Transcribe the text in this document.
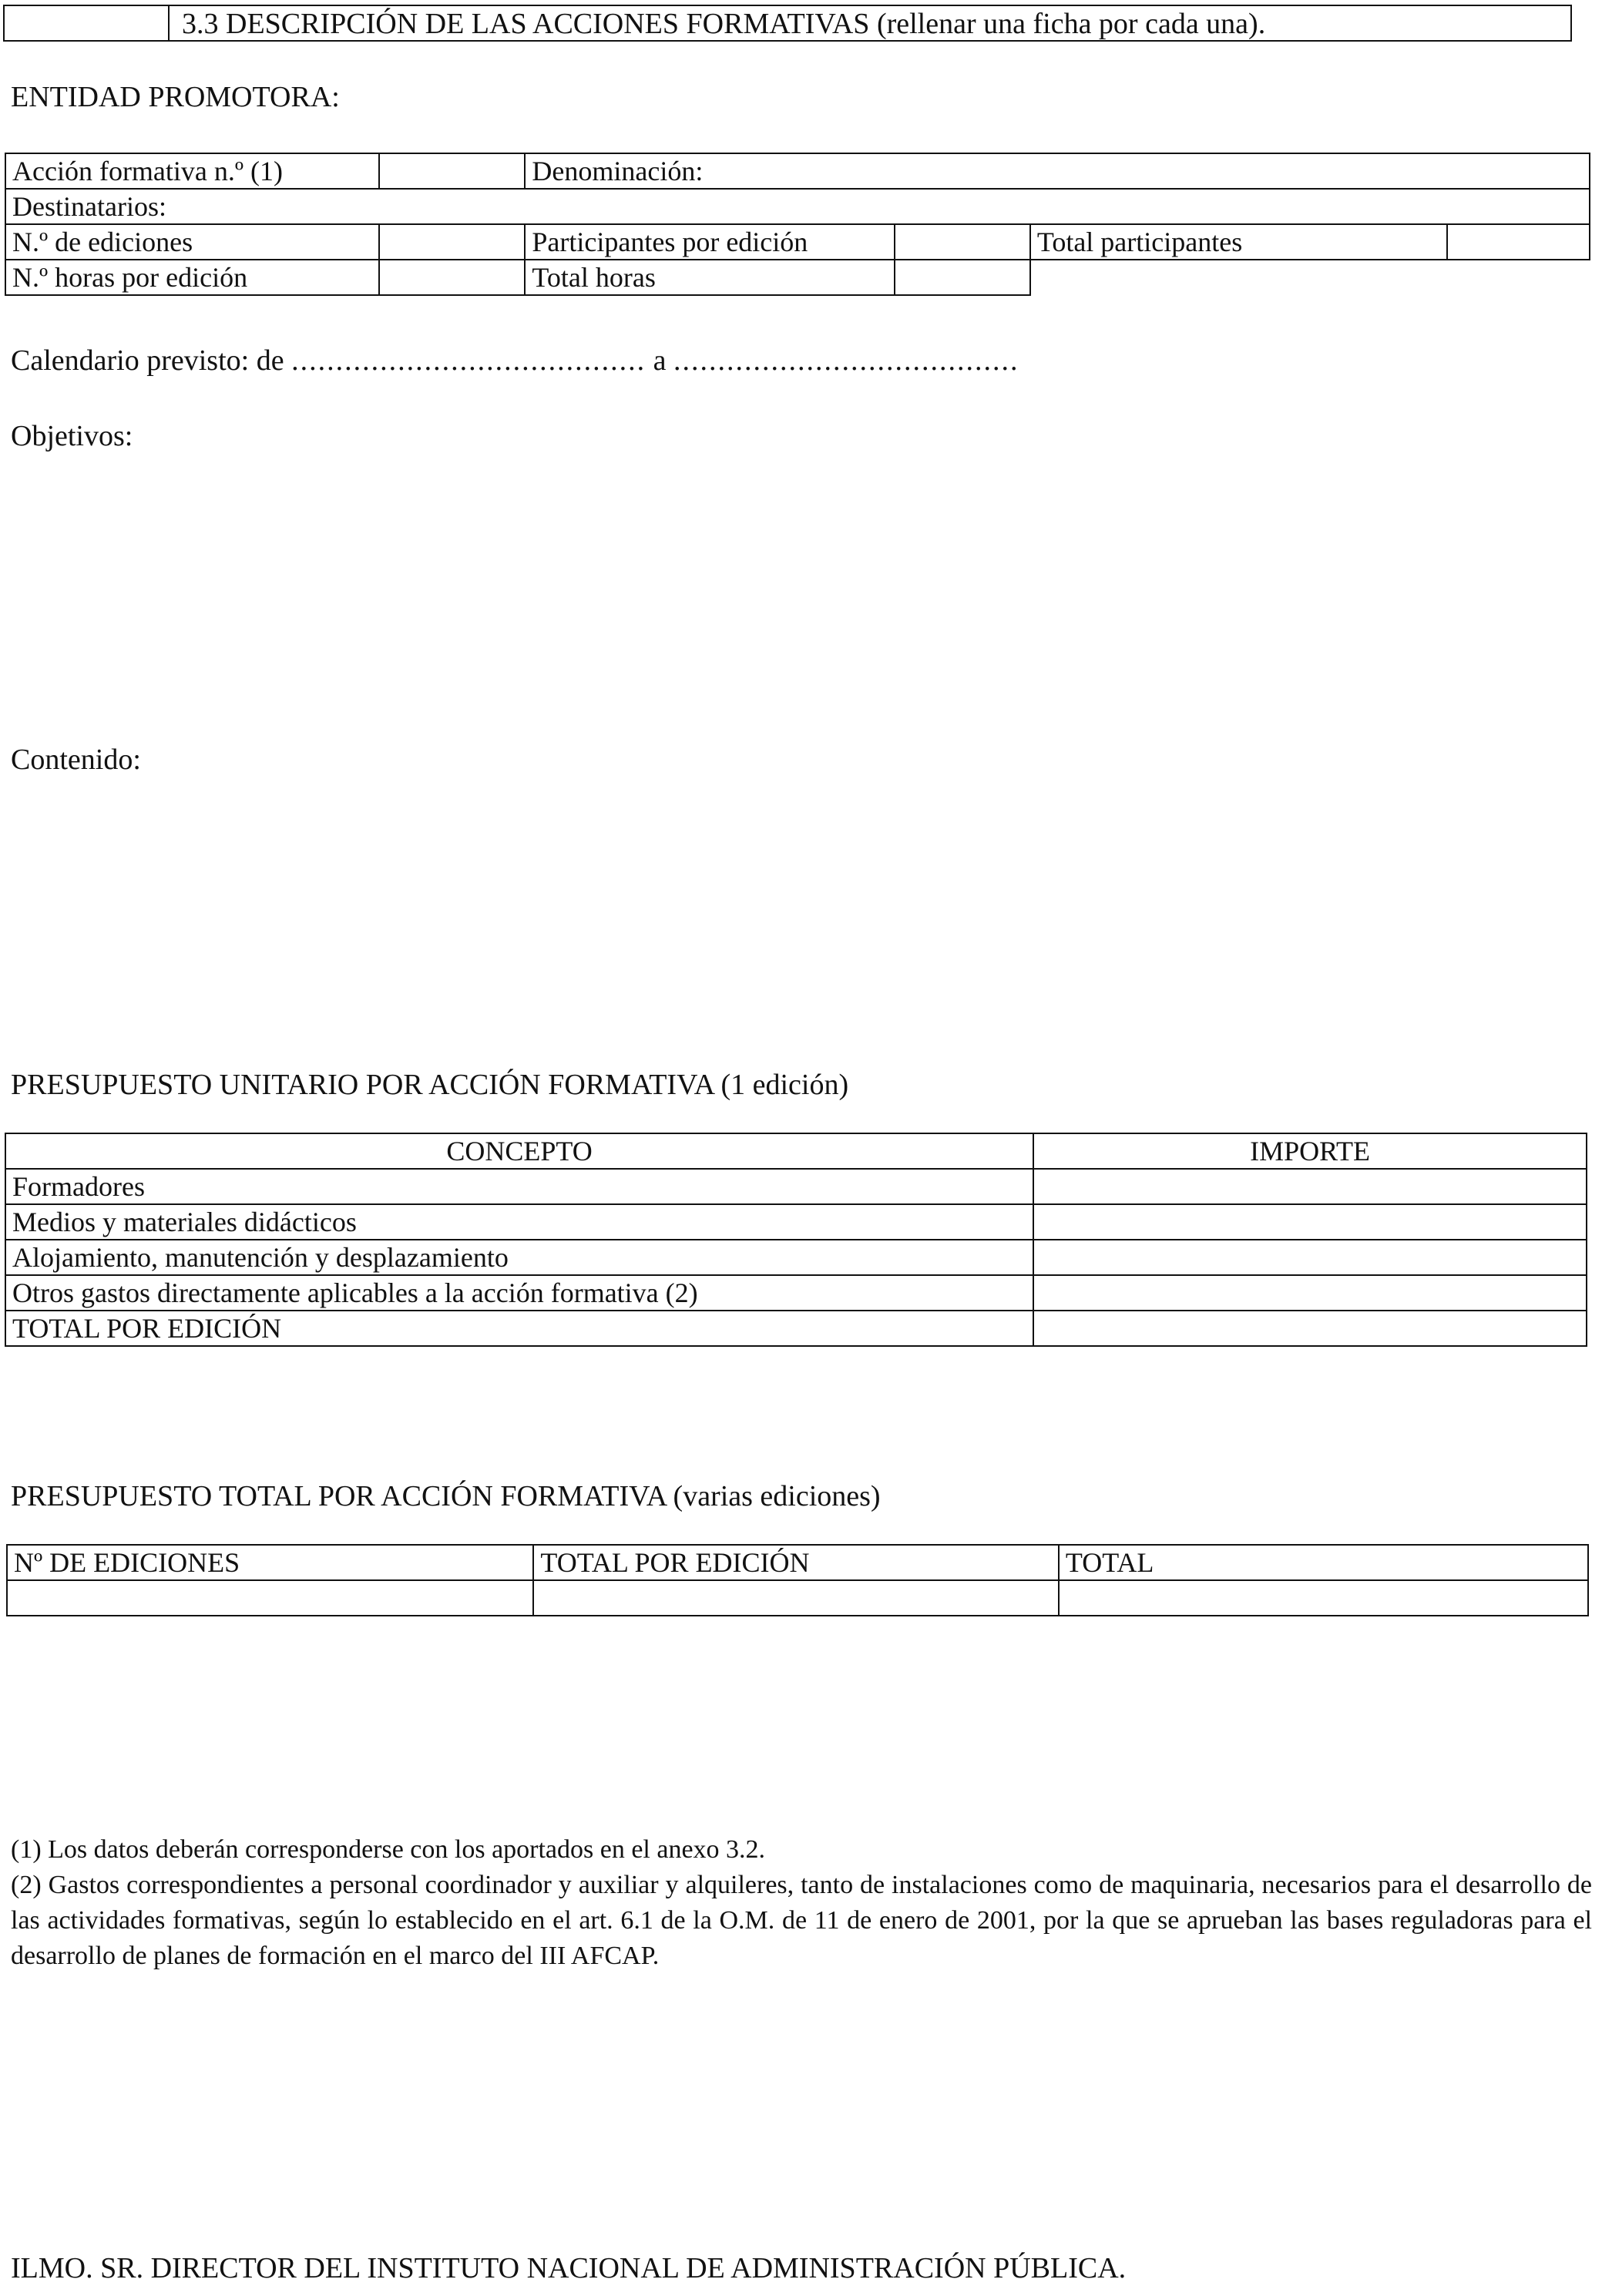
3.3 DESCRIPCIÓN DE LAS ACCIONES FORMATIVAS (rellenar una ficha por cada una).
ENTIDAD PROMOTORA:
Acción formativa n.º (1)		Denominación:			
Destinatarios:					
N.º de ediciones		Participantes por edición		Total participantes	
N.º horas por edición		Total horas			
Calendario previsto: de ........................................ a .......................................
Objetivos:
Contenido:
PRESUPUESTO UNITARIO POR ACCIÓN FORMATIVA (1 edición)
CONCEPTO	IMPORTE
Formadores	
Medios y materiales didácticos	
Alojamiento, manutención y desplazamiento	
Otros gastos directamente aplicables a la acción formativa (2)	
TOTAL POR EDICIÓN	
PRESUPUESTO TOTAL POR ACCIÓN FORMATIVA (varias ediciones)
Nº DE EDICIONES	TOTAL POR EDICIÓN	TOTAL

(1) Los datos deberán corresponderse con los aportados en el anexo 3.2.
(2) Gastos correspondientes a personal coordinador y auxiliar y alquileres, tanto de instalaciones como de maquinaria, necesarios para el desarrollo de las actividades formativas, según lo establecido en el art. 6.1 de la O.M. de 11 de enero de 2001, por la que se aprueban las bases reguladoras para el desarrollo de planes de formación en el marco del III AFCAP.
ILMO. SR. DIRECTOR DEL INSTITUTO NACIONAL DE ADMINISTRACIÓN PÚBLICA.
